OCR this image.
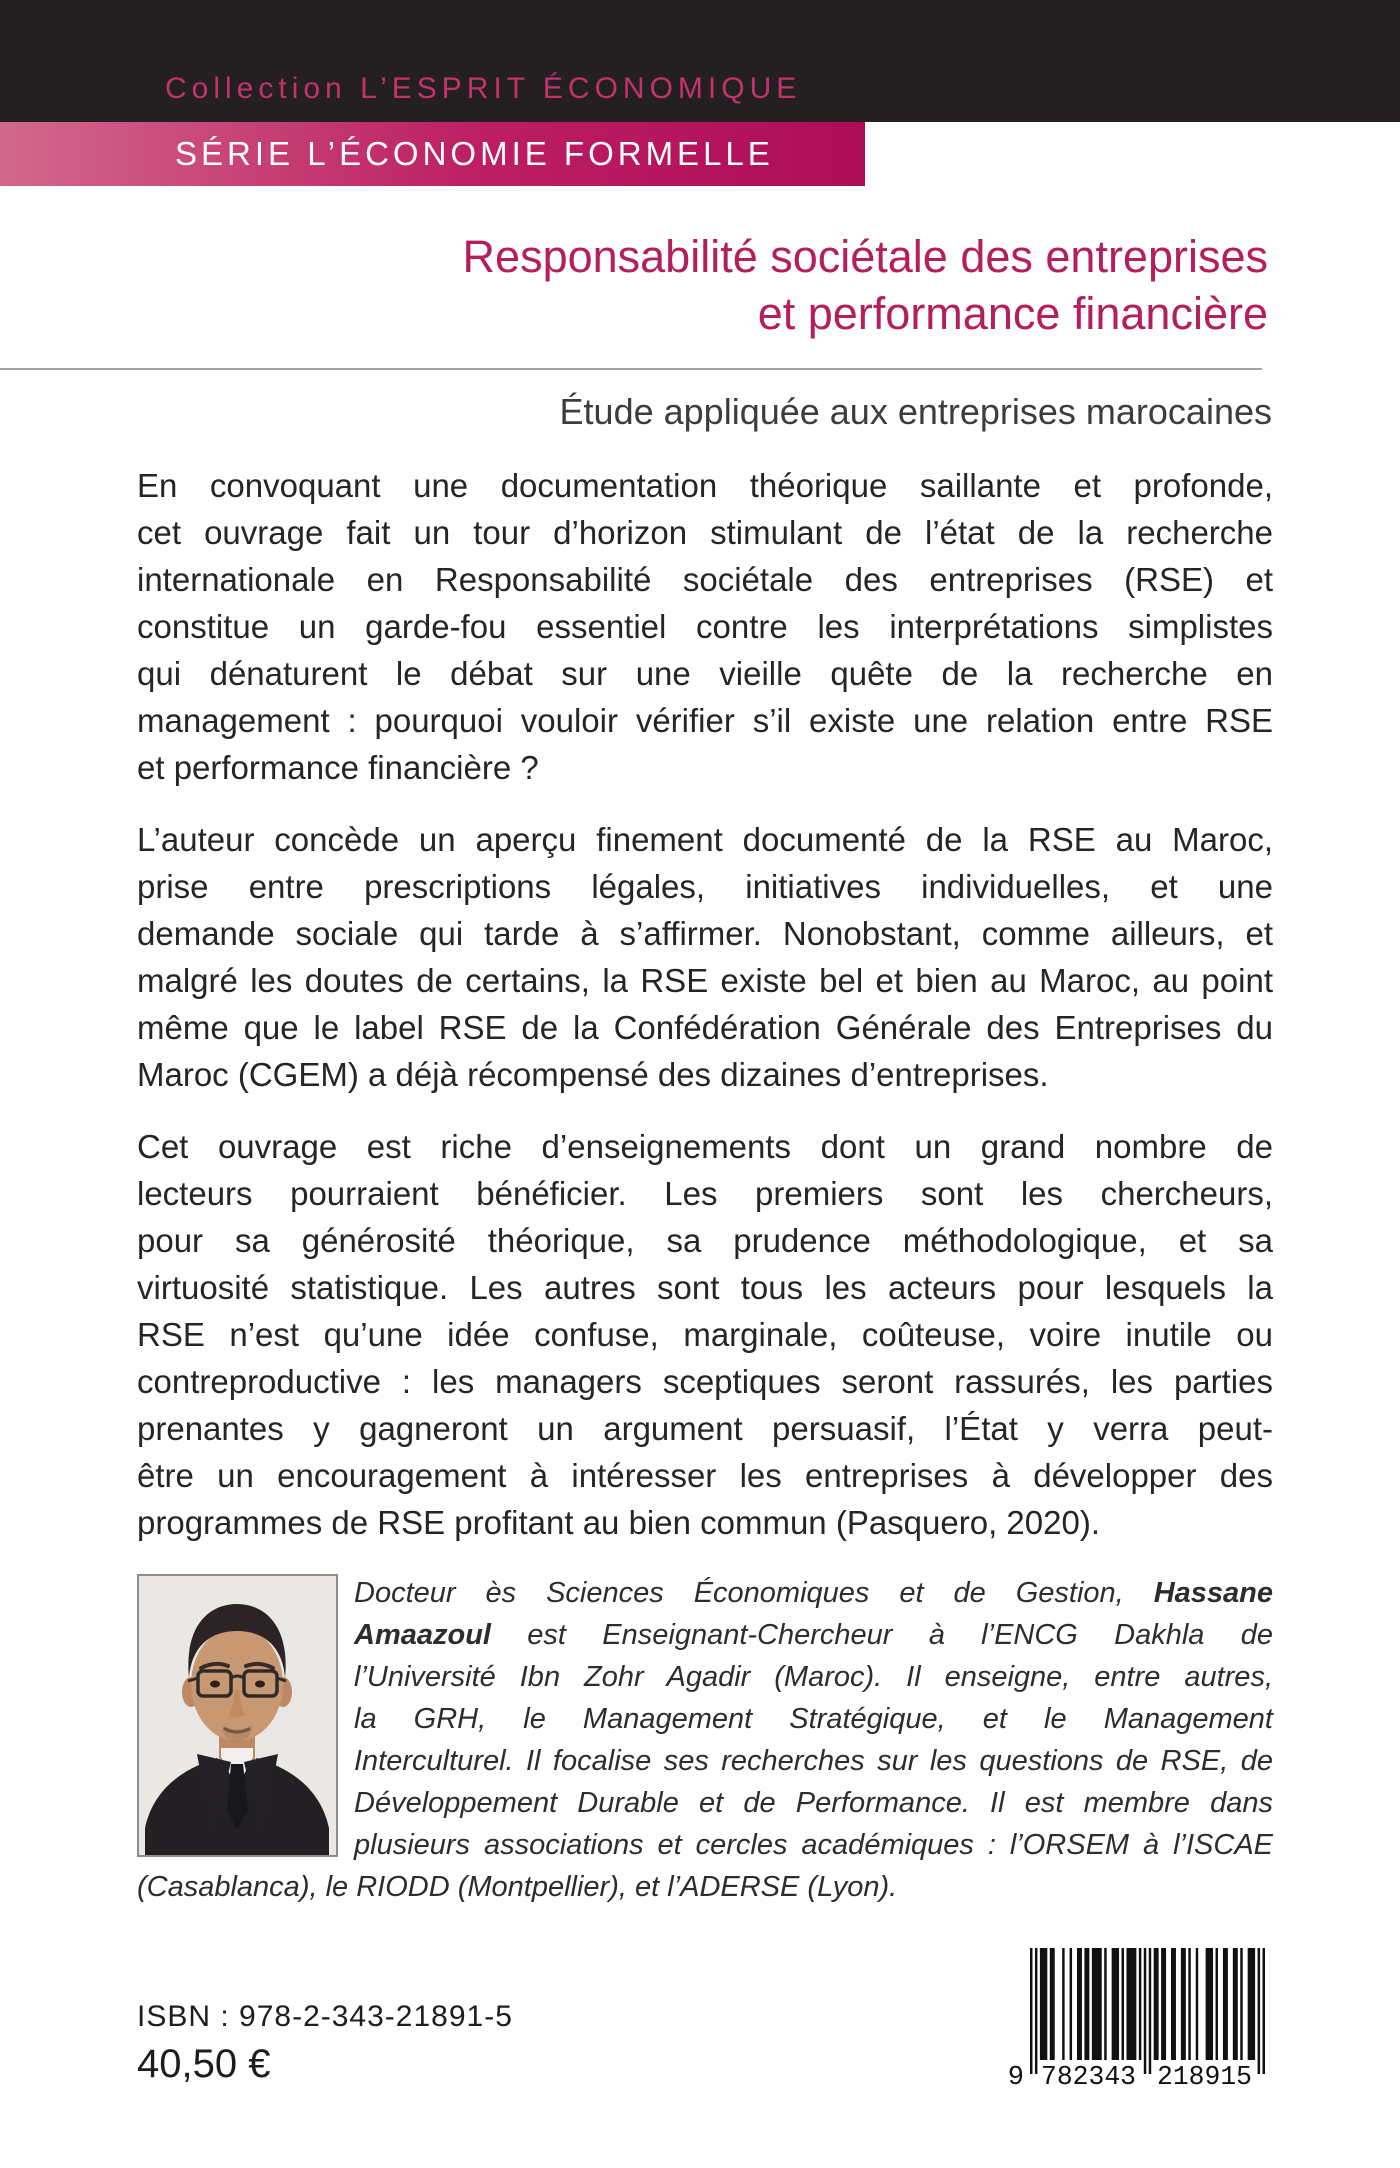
Collection L’ESPRIT ÉCONOMIQUE
SÉRIE L’ÉCONOMIE FORMELLE
Responsabilité sociétale des entreprises
et performance financière
Étude appliquée aux entreprises marocaines
En convoquant une documentation théorique saillante et profonde,
cet ouvrage fait un tour d’horizon stimulant de l’état de la recherche
internationale en Responsabilité sociétale des entreprises (RSE) et
constitue un garde-fou essentiel contre les interprétations simplistes
qui dénaturent le débat sur une vieille quête de la recherche en
management : pourquoi vouloir vérifier s’il existe une relation entre RSE
et performance financière ?
L’auteur concède un aperçu finement documenté de la RSE au Maroc,
prise entre prescriptions légales, initiatives individuelles, et une
demande sociale qui tarde à s’affirmer. Nonobstant, comme ailleurs, et
malgré les doutes de certains, la RSE existe bel et bien au Maroc, au point
même que le label RSE de la Confédération Générale des Entreprises du
Maroc (CGEM) a déjà récompensé des dizaines d’entreprises.
Cet ouvrage est riche d’enseignements dont un grand nombre de
lecteurs pourraient bénéficier. Les premiers sont les chercheurs,
pour sa générosité théorique, sa prudence méthodologique, et sa
virtuosité statistique. Les autres sont tous les acteurs pour lesquels la
RSE n’est qu’une idée confuse, marginale, coûteuse, voire inutile ou
contreproductive : les managers sceptiques seront rassurés, les parties
prenantes y gagneront un argument persuasif, l’État y verra peut-
être un encouragement à intéresser les entreprises à développer des
programmes de RSE profitant au bien commun (Pasquero, 2020).
Docteur ès Sciences Économiques et de Gestion, Hassane
Amaazoul est Enseignant-Chercheur à l’ENCG Dakhla de
l’Université Ibn Zohr Agadir (Maroc). Il enseigne, entre autres,
la GRH, le Management Stratégique, et le Management
Interculturel. Il focalise ses recherches sur les questions de RSE, de
Développement Durable et de Performance. Il est membre dans
plusieurs associations et cercles académiques : l’ORSEM à l’ISCAE
(Casablanca), le RIODD (Montpellier), et l’ADERSE (Lyon).
ISBN : 978-2-343-21891-5
40,50 €	9 782343 218915
